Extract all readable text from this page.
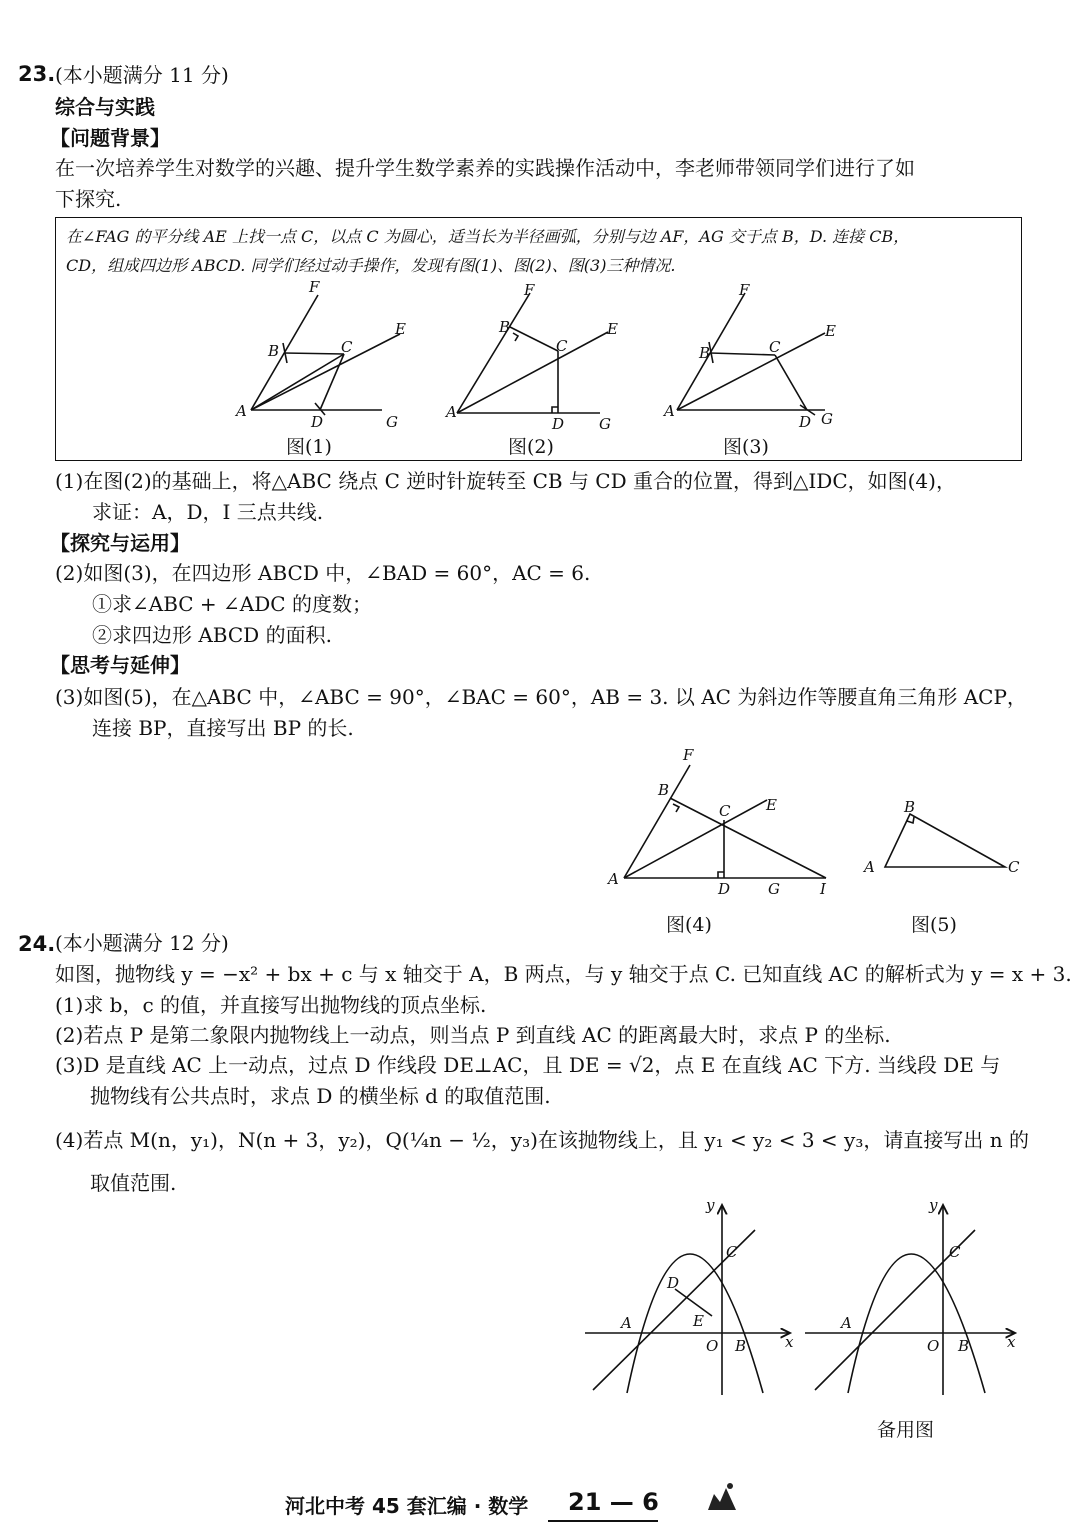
23. (本小题满分 11 分)
综合与实践
【问题背景】
在一次培养学生对数学的兴趣、提升学生数学素养的实践操作活动中，李老师带领同学们进行了如
下探究.
在∠FAG 的平分线 AE 上找一点 C，以点 C 为圆心，适当长为半径画弧，分别与边 AF，AG 交于点 B，D. 连接 CB，
CD，组成四边形 ABCD. 同学们经过动手操作，发现有图(1)、图(2)、图(3)三种情况.
F
E
B	C
A
D	G
F
E
B
C
A
D G
F
E
B	C
A
D G
图(1)	图(2)	图(3)
(1)在图(2)的基础上，将△ABC 绕点 C 逆时针旋转至 CB 与 CD 重合的位置，得到△IDC，如图(4)，
求证：A，D，I 三点共线.
【探究与运用】
(2)如图(3)，在四边形 ABCD 中，∠BAD = 60°，AC = 6.
①求∠ABC + ∠ADC 的度数；
②求四边形 ABCD 的面积.
【思考与延伸】
(3)如图(5)，在△ABC 中，∠ABC = 90°，∠BAC = 60°，AB = 3. 以 AC 为斜边作等腰直角三角形 ACP，
连接 BP，直接写出 BP 的长.
F
B
C E
A
D	G	I
B
A	C
图(4)	图(5)
24. (本小题满分 12 分)
如图，抛物线 y = −x² + bx + c 与 x 轴交于 A，B 两点，与 y 轴交于点 C. 已知直线 AC 的解析式为 y = x + 3.
(1)求 b，c 的值，并直接写出抛物线的顶点坐标.
(2)若点 P 是第二象限内抛物线上一动点，则当点 P 到直线 AC 的距离最大时，求点 P 的坐标.
(3)D 是直线 AC 上一动点，过点 D 作线段 DE⊥AC，且 DE = √2，点 E 在直线 AC 下方. 当线段 DE 与
抛物线有公共点时，求点 D 的横坐标 d 的取值范围.
(4)若点 M(n，y₁)，N(n + 3，y₂)，Q(¼n − ½，y₃)在该抛物线上，且 y₁ < y₂ < 3 < y₃，请直接写出 n 的
取值范围.
y
C
D
E
A
O B	x
y
C
A
O B	x
备用图
河北中考 45 套汇编 · 数学 21 — 6
